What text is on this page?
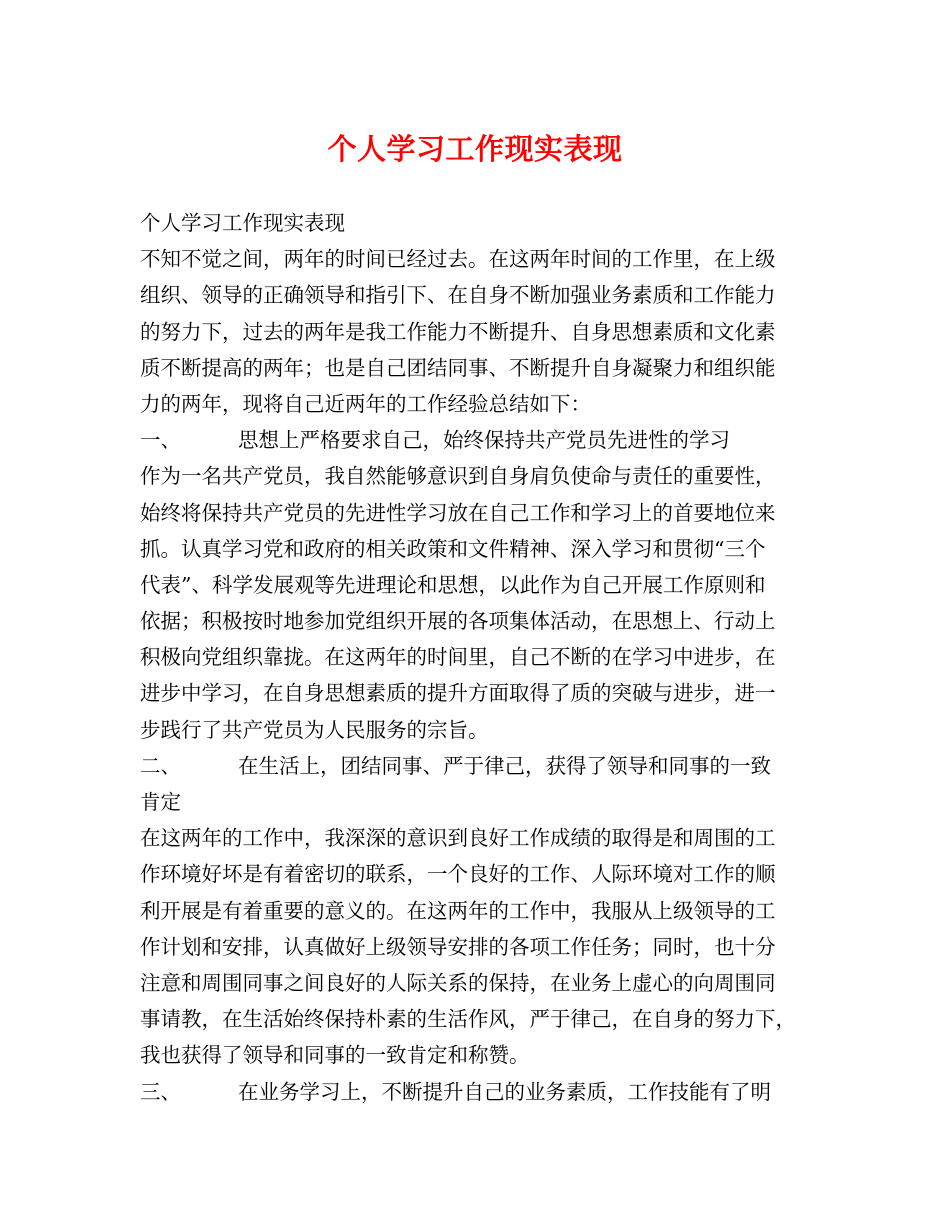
个人学习工作现实表现
个人学习工作现实表现
不知不觉之间，两年的时间已经过去。在这两年时间的工作里，在上级
组织、领导的正确领导和指引下、在自身不断加强业务素质和工作能力
的努力下，过去的两年是我工作能力不断提升、自身思想素质和文化素
质不断提高的两年；也是自己团结同事、不断提升自身凝聚力和组织能
力的两年，现将自己近两年的工作经验总结如下：
一、	思想上严格要求自己，始终保持共产党员先进性的学习
作为一名共产党员，我自然能够意识到自身肩负使命与责任的重要性，
始终将保持共产党员的先进性学习放在自己工作和学习上的首要地位来
抓。认真学习党和政府的相关政策和文件精神、深入学习和贯彻“三个
代表”、科学发展观等先进理论和思想，以此作为自己开展工作原则和
依据；积极按时地参加党组织开展的各项集体活动，在思想上、行动上
积极向党组织靠拢。在这两年的时间里，自己不断的在学习中进步，在
进步中学习，在自身思想素质的提升方面取得了质的突破与进步，进一
步践行了共产党员为人民服务的宗旨。
二、	在生活上，团结同事、严于律己，获得了领导和同事的一致
肯定
在这两年的工作中，我深深的意识到良好工作成绩的取得是和周围的工
作环境好坏是有着密切的联系，一个良好的工作、人际环境对工作的顺
利开展是有着重要的意义的。在这两年的工作中，我服从上级领导的工
作计划和安排，认真做好上级领导安排的各项工作任务；同时，也十分
注意和周围同事之间良好的人际关系的保持，在业务上虚心的向周围同
事请教，在生活始终保持朴素的生活作风，严于律己，在自身的努力下，
我也获得了领导和同事的一致肯定和称赞。
三、	在业务学习上，不断提升自己的业务素质，工作技能有了明
